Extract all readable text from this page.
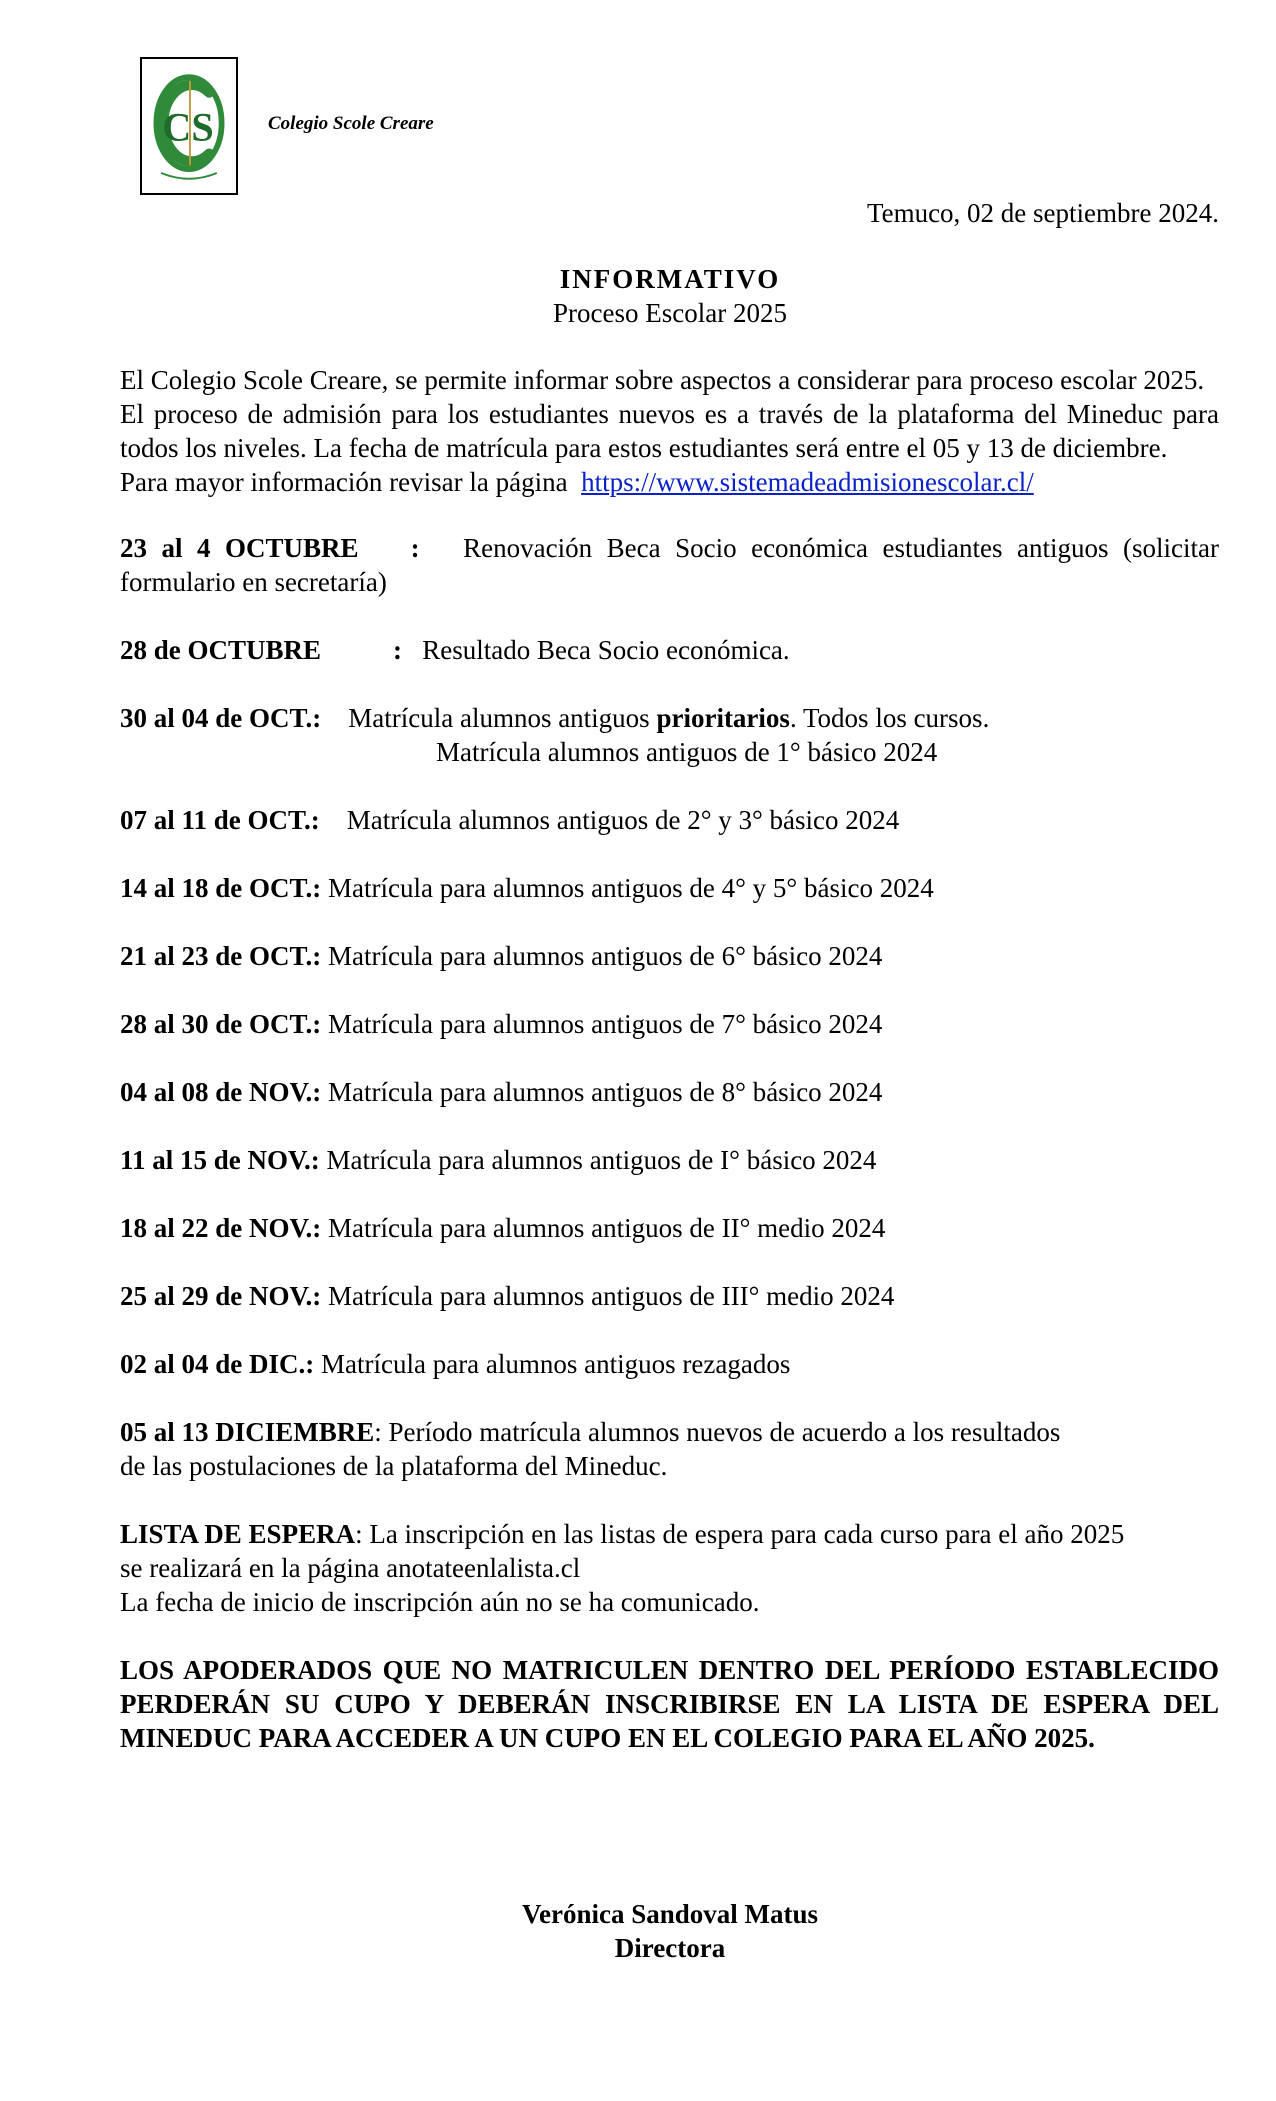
CS	Colegio Scole Creare
Temuco, 02 de septiembre 2024.
INFORMATIVO
Proceso Escolar 2025

El Colegio Scole Creare, se permite informar sobre aspectos a considerar para proceso escolar 2025.

El proceso de admisión para los estudiantes nuevos es a través de la plataforma del Mineduc para todos los niveles. La fecha de matrícula para estos estudiantes será entre el 05 y 13 de diciembre.

Para mayor información revisar la página https://www.sistemadeadmisionescolar.cl/

23 al 4 OCTUBRE : Renovación Beca Socio económica estudiantes antiguos (solicitar formulario en secretaría)

28 de OCTUBRE	: Resultado Beca Socio económica.

30 al 04 de OCT.: Matrícula alumnos antiguos prioritarios. Todos los cursos.

Matrícula alumnos antiguos de 1° básico 2024

07 al 11 de OCT.: Matrícula alumnos antiguos de 2° y 3° básico 2024

14 al 18 de OCT.: Matrícula para alumnos antiguos de 4° y 5° básico 2024

21 al 23 de OCT.: Matrícula para alumnos antiguos de 6° básico 2024

28 al 30 de OCT.: Matrícula para alumnos antiguos de 7° básico 2024

04 al 08 de NOV.: Matrícula para alumnos antiguos de 8° básico 2024

11 al 15 de NOV.: Matrícula para alumnos antiguos de I° básico 2024

18 al 22 de NOV.: Matrícula para alumnos antiguos de II° medio 2024

25 al 29 de NOV.: Matrícula para alumnos antiguos de III° medio 2024

02 al 04 de DIC.: Matrícula para alumnos antiguos rezagados

05 al 13 DICIEMBRE: Período matrícula alumnos nuevos de acuerdo a los resultados

de las postulaciones de la plataforma del Mineduc.

LISTA DE ESPERA: La inscripción en las listas de espera para cada curso para el año 2025

se realizará en la página anotateenlalista.cl

La fecha de inicio de inscripción aún no se ha comunicado.

LOS APODERADOS QUE NO MATRICULEN DENTRO DEL PERÍODO ESTABLECIDO PERDERÁN SU CUPO Y DEBERÁN INSCRIBIRSE EN LA LISTA DE ESPERA DEL MINEDUC PARA ACCEDER A UN CUPO EN EL COLEGIO PARA EL AÑO 2025.

Verónica Sandoval Matus
Directora
